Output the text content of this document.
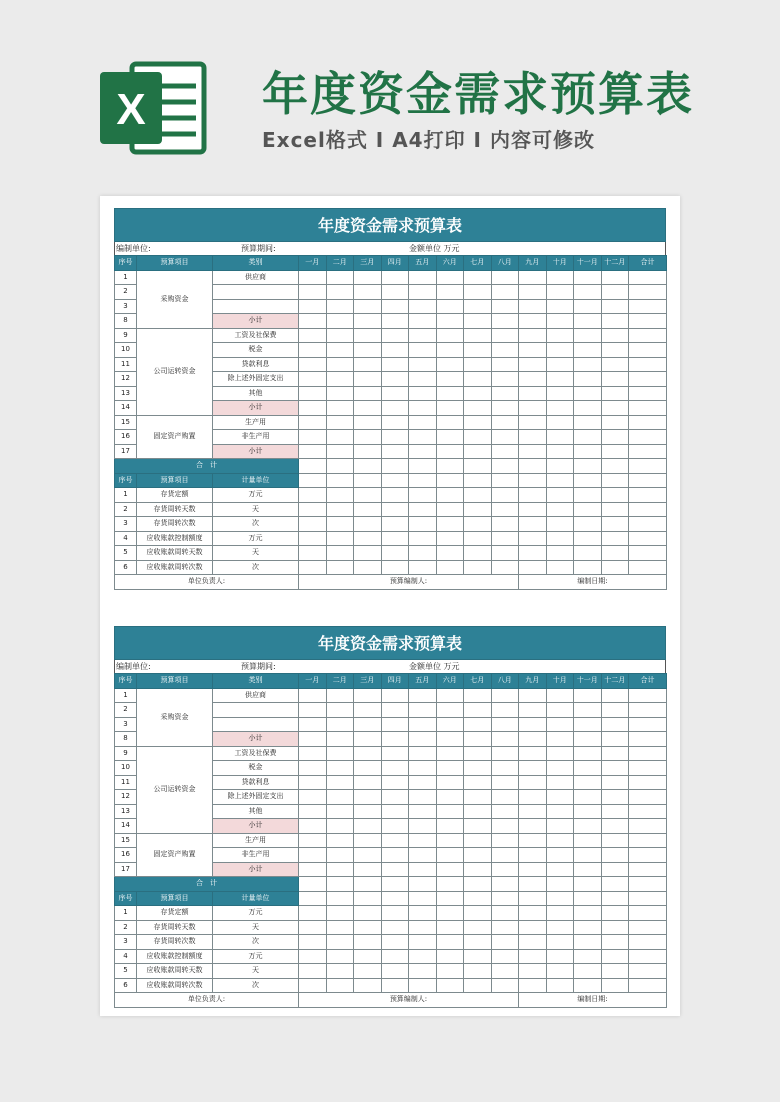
X	年度资金需求预算表
Excel格式 I A4打印 I 内容可修改
年度资金需求预算表
编制单位:	预算期间:	金额单位 万元
序号	预算项目	类别	一月	二月	三月	四月	五月	六月	七月	八月	九月	十月	十一月	十二月	合计
1	采购资金	供应商													
2															
3															
8		小计													
9	公司运转资金	工资及社保费													
10		税金													
11		贷款利息													
12		除上述外固定支出													
13		其他													
14		小计													
15	固定资产购置	生产用													
16		非生产用													
17		小计													
合　计															
序号	预算项目	计量单位													
1	存货定额	万元													
2	存货周转天数	天													
3	存货周转次数	次													
4	应收账款控制额度	万元													
5	应收账款周转天数	天													
6	应收账款周转次数	次													
单位负责人:			预算编制人:								编制日期:				
年度资金需求预算表
编制单位:	预算期间:	金额单位 万元
序号	预算项目	类别	一月	二月	三月	四月	五月	六月	七月	八月	九月	十月	十一月	十二月	合计
1	采购资金	供应商													
2															
3															
8		小计													
9	公司运转资金	工资及社保费													
10		税金													
11		贷款利息													
12		除上述外固定支出													
13		其他													
14		小计													
15	固定资产购置	生产用													
16		非生产用													
17		小计													
合　计															
序号	预算项目	计量单位													
1	存货定额	万元													
2	存货周转天数	天													
3	存货周转次数	次													
4	应收账款控制额度	万元													
5	应收账款周转天数	天													
6	应收账款周转次数	次													
单位负责人:			预算编制人:								编制日期:				
